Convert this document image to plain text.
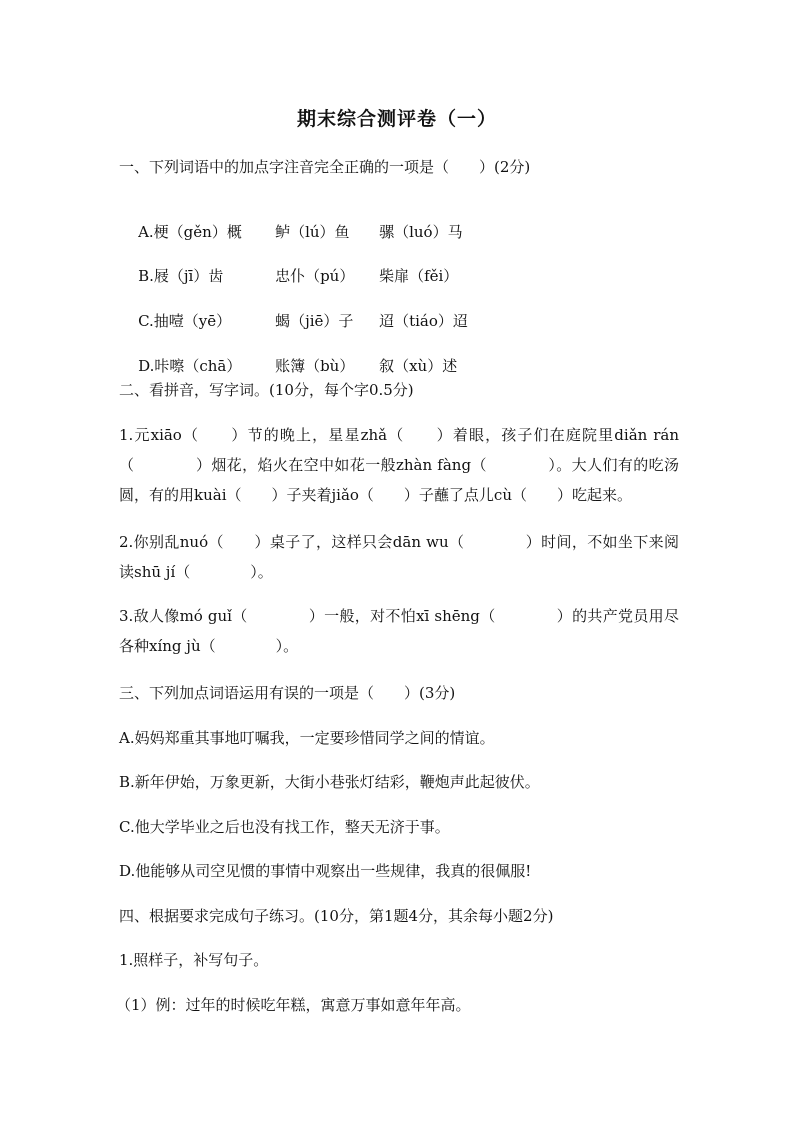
期末综合测评卷（一）
一、下列词语中的加点字注音完全正确的一项是（　　）(2分)

A.梗（gěn）概 鲈（lú）鱼 骡（luó）马

B.屐（jī）齿	忠仆（pú） 柴扉（fěi）

C.抽噎（yē）	蝎（jiē）子 迢（tiáo）迢

D.咔嚓（chā） 账簿（bù） 叙（xù）述

二、看拼音，写字词。(10分，每个字0.5分)
1.元xiāo（　　）节的晚上，星星zhǎ（　　）着眼，孩子们在庭院里diǎn rán（　　　　）烟花，焰火在空中如花一般zhàn fàng（　　　　）。大人们有的吃汤圆，有的用kuài（　　）子夹着jiǎo（　　）子蘸了点儿cù（　　）吃起来。
2.你别乱nuó（　　）桌子了，这样只会dān wu（　　　　）时间，不如坐下来阅读shū jí（　　　　）。
3.敌人像mó guǐ（　　　　）一般，对不怕xī shēng（　　　　）的共产党员用尽各种xíng jù（　　　　）。
三、下列加点词语运用有误的一项是（　　）(3分)
A.妈妈郑重其事地叮嘱我，一定要珍惜同学之间的情谊。
B.新年伊始，万象更新，大街小巷张灯结彩，鞭炮声此起彼伏。
C.他大学毕业之后也没有找工作，整天无济于事。
D.他能够从司空见惯的事情中观察出一些规律，我真的很佩服!
四、根据要求完成句子练习。(10分，第1题4分，其余每小题2分)
1.照样子，补写句子。
（1）例：过年的时候吃年糕，寓意万事如意年年高。
